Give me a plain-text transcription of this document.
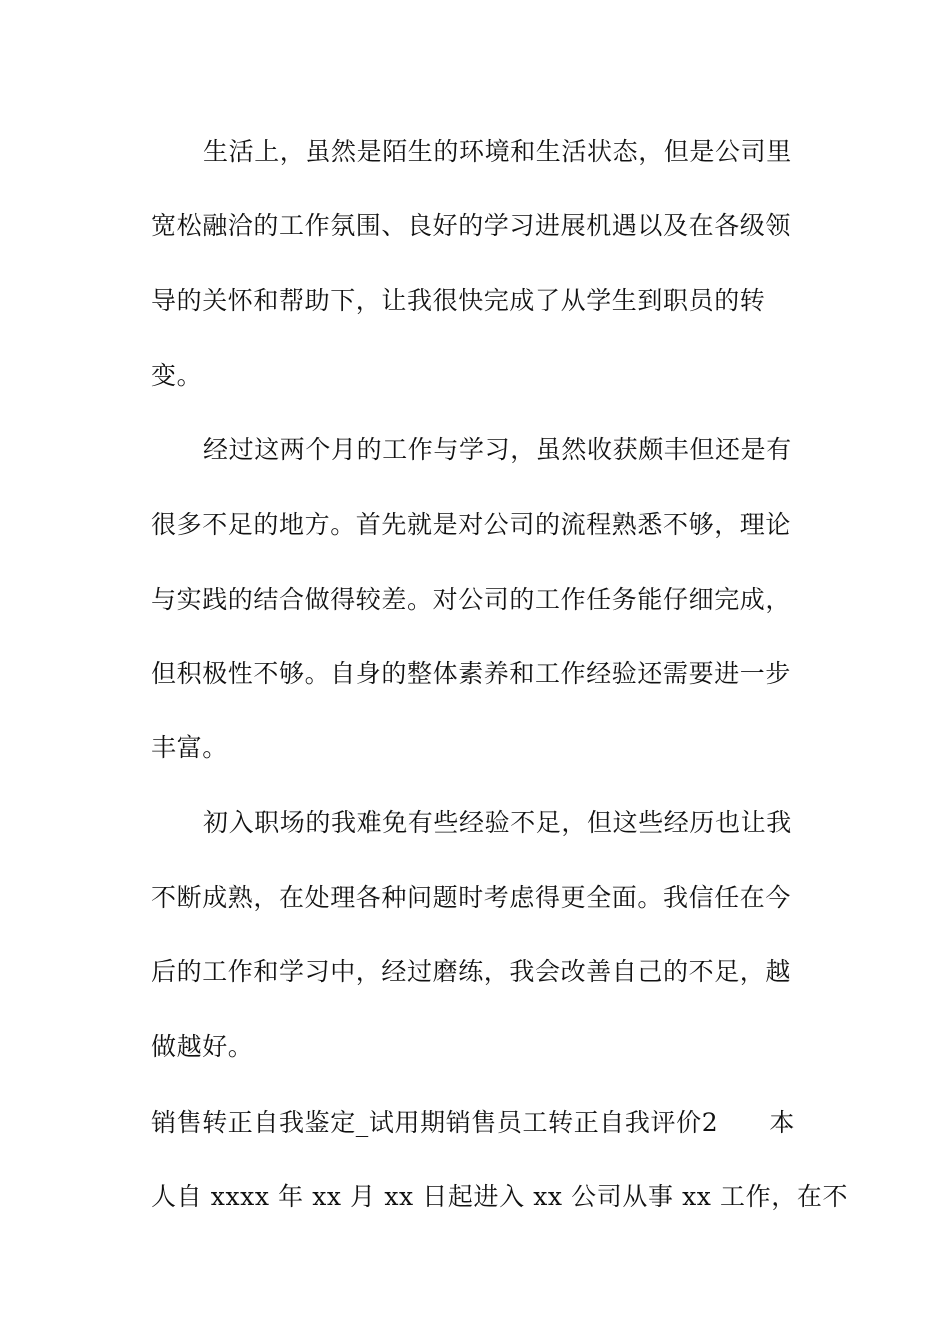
生活上，虽然是陌生的环境和生活状态，但是公司里
宽松融洽的工作氛围、良好的学习进展机遇以及在各级领
导的关怀和帮助下，让我很快完成了从学生到职员的转
变。
经过这两个月的工作与学习，虽然收获颇丰但还是有
很多不足的地方。首先就是对公司的流程熟悉不够，理论
与实践的结合做得较差。对公司的工作任务能仔细完成，
但积极性不够。自身的整体素养和工作经验还需要进一步
丰富。
初入职场的我难免有些经验不足，但这些经历也让我
不断成熟，在处理各种问题时考虑得更全面。我信任在今
后的工作和学习中，经过磨练，我会改善自己的不足，越
做越好。
销售转正自我鉴定_试用期销售员工转正自我评价2　　本
人自 xxxx 年 xx 月 xx 日起进入 xx 公司从事 xx 工作，在不
